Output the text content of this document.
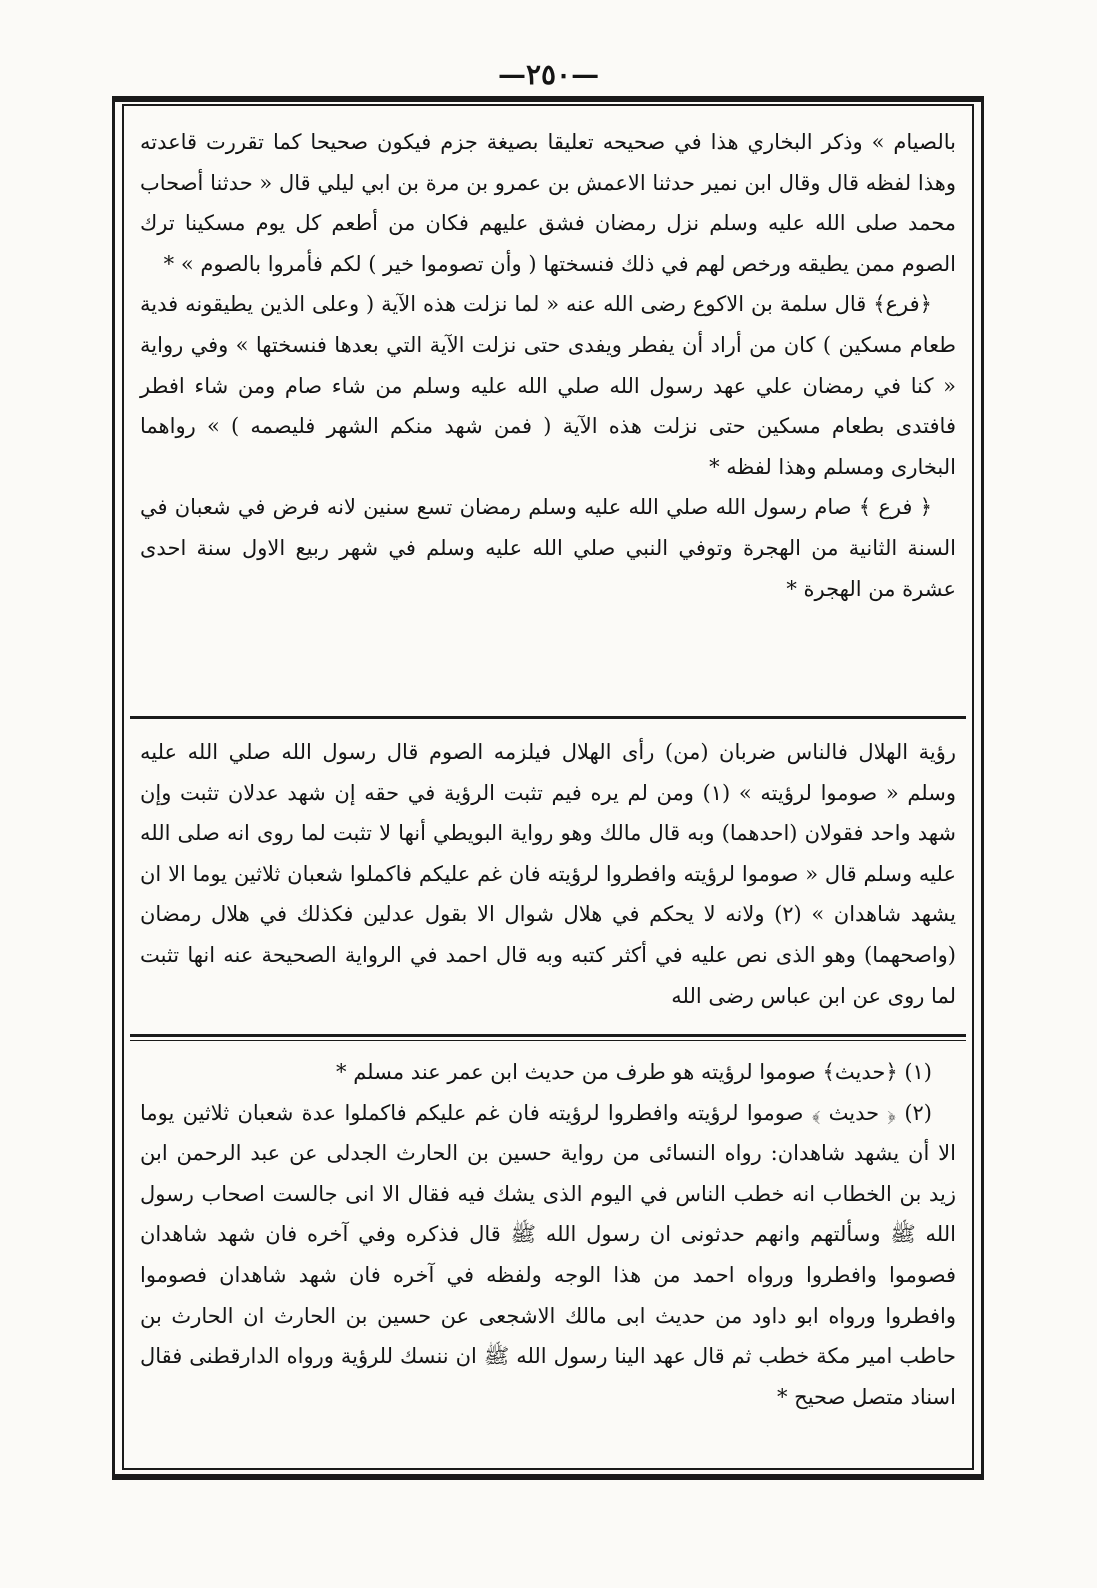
—٢٥٠—

بالصيام » وذكر البخاري هذا في صحيحه تعليقا بصيغة جزم فيكون صحيحا كما تقررت قاعدته وهذا لفظه قال وقال ابن نمير حدثنا الاعمش بن عمرو بن مرة بن ابي ليلي قال « حدثنا أصحاب محمد صلى الله عليه وسلم نزل رمضان فشق عليهم فكان من أطعم كل يوم مسكينا ترك الصوم ممن يطيقه ورخص لهم في ذلك فنسختها ( وأن تصوموا خير ) لكم فأمروا بالصوم » *

﴿فرع﴾ قال سلمة بن الاكوع رضى الله عنه « لما نزلت هذه الآية ( وعلى الذين يطيقونه فدية طعام مسكين ) كان من أراد أن يفطر ويفدى حتى نزلت الآية التي بعدها فنسختها » وفي رواية « كنا في رمضان علي عهد رسول الله صلي الله عليه وسلم من شاء صام ومن شاء افطر فافتدى بطعام مسكين حتى نزلت هذه الآية ( فمن شهد منكم الشهر فليصمه ) » رواهما البخارى ومسلم وهذا لفظه *

﴿ فرع ﴾ صام رسول الله صلي الله عليه وسلم رمضان تسع سنين لانه فرض في شعبان في السنة الثانية من الهجرة وتوفي النبي صلي الله عليه وسلم في شهر ربيع الاول سنة احدى عشرة من الهجرة *

رؤية الهلال فالناس ضربان (من) رأى الهلال فيلزمه الصوم قال رسول الله صلي الله عليه وسلم « صوموا لرؤيته » (١) ومن لم يره فيم تثبت الرؤية في حقه إن شهد عدلان تثبت وإن شهد واحد فقولان (احدهما) وبه قال مالك وهو رواية البويطي أنها لا تثبت لما روى انه صلى الله عليه وسلم قال « صوموا لرؤيته وافطروا لرؤيته فان غم عليكم فاكملوا شعبان ثلاثين يوما الا ان يشهد شاهدان » (٢) ولانه لا يحكم في هلال شوال الا بقول عدلين فكذلك في هلال رمضان (واصحهما) وهو الذى نص عليه في أكثر كتبه وبه قال احمد في الرواية الصحيحة عنه انها تثبت لما روى عن ابن عباس رضى الله

(١) ﴿حديث﴾ صوموا لرؤيته هو طرف من حديث ابن عمر عند مسلم *

(٢) ﴿ حديث ﴾ صوموا لرؤيته وافطروا لرؤيته فان غم عليكم فاكملوا عدة شعبان ثلاثين يوما الا أن يشهد شاهدان: رواه النسائى من رواية حسين بن الحارث الجدلى عن عبد الرحمن ابن زيد بن الخطاب انه خطب الناس في اليوم الذى يشك فيه فقال الا انى جالست اصحاب رسول الله ﷺ وسألتهم وانهم حدثونى ان رسول الله ﷺ قال فذكره وفي آخره فان شهد شاهدان فصوموا وافطروا ورواه احمد من هذا الوجه ولفظه في آخره فان شهد شاهدان فصوموا وافطروا ورواه ابو داود من حديث ابى مالك الاشجعى عن حسين بن الحارث ان الحارث بن حاطب امير مكة خطب ثم قال عهد الينا رسول الله ﷺ ان ننسك للرؤية ورواه الدارقطنى فقال اسناد متصل صحيح *
